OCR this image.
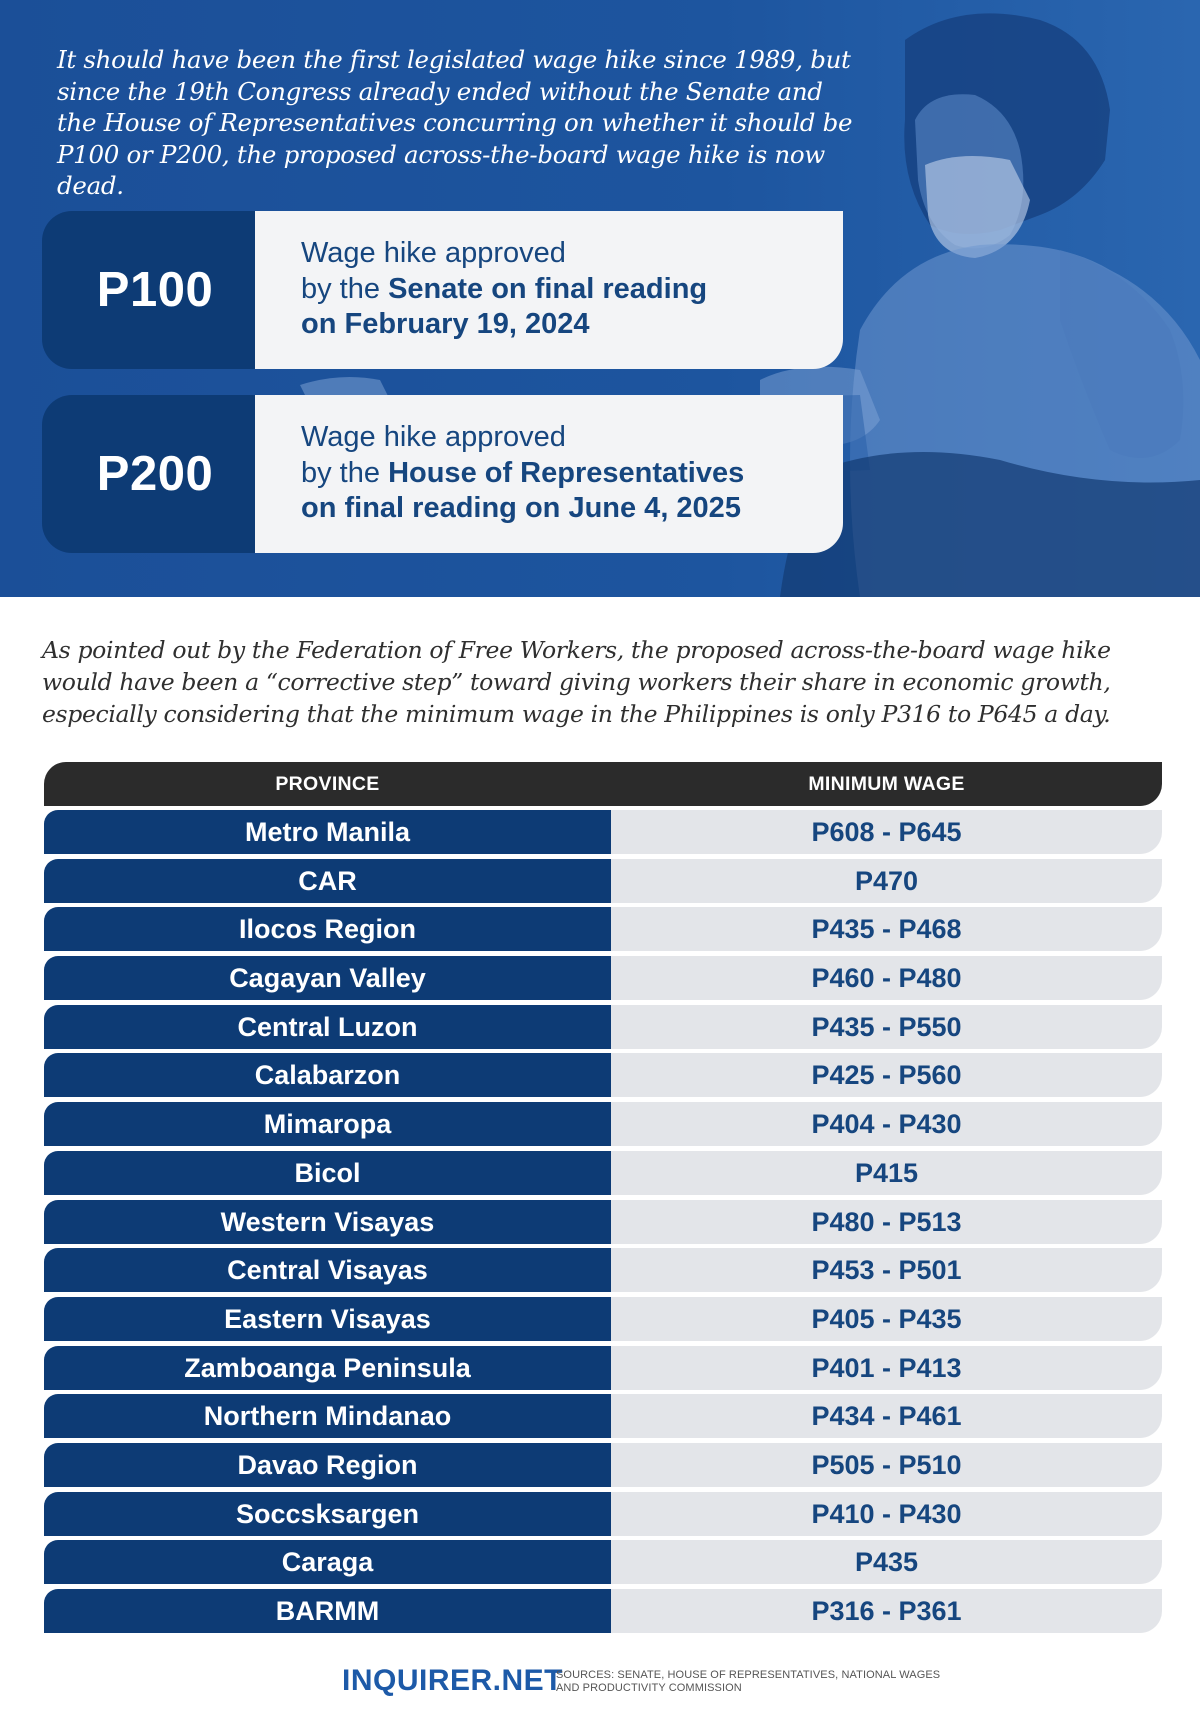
It should have been the first legislated wage hike since 1989, but since the 19th Congress already ended without the Senate and the House of Representatives concurring on whether it should be P100 or P200, the proposed across-the-board wage hike is now dead.

P100
Wage hike approved
by the Senate on final reading
on February 19, 2024
P200
Wage hike approved
by the House of Representatives
on final reading on June 4, 2025

As pointed out by the Federation of Free Workers, the proposed across-the-board wage hike would have been a “corrective step” toward giving workers their share in economic growth, especially considering that the minimum wage in the Philippines is only P316 to P645 a day.

PROVINCE	MINIMUM WAGE
Metro Manila	P608 - P645
CAR	P470
Ilocos Region	P435 - P468
Cagayan Valley	P460 - P480
Central Luzon	P435 - P550
Calabarzon	P425 - P560
Mimaropa	P404 - P430
Bicol	P415
Western Visayas	P480 - P513
Central Visayas	P453 - P501
Eastern Visayas	P405 - P435
Zamboanga Peninsula	P401 - P413
Northern Mindanao	P434 - P461
Davao Region	P505 - P510
Soccsksargen	P410 - P430
Caraga	P435
BARMM	P316 - P361
INQUIRER.NET
SOURCES: SENATE, HOUSE OF REPRESENTATIVES, NATIONAL WAGES AND PRODUCTIVITY COMMISSION
